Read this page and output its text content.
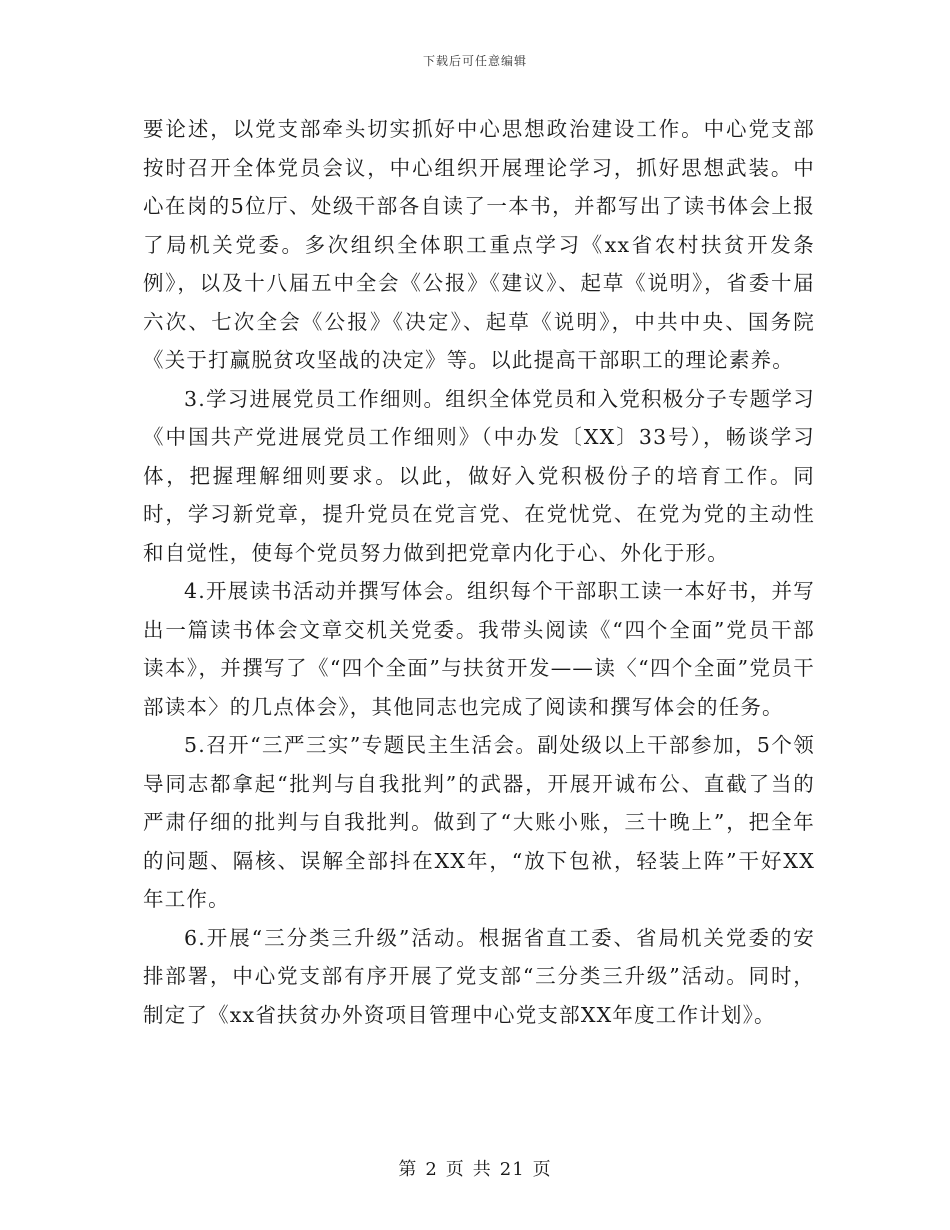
下载后可任意编辑

要论述，以党支部牵头切实抓好中心思想政治建设工作。中心党支部按时召开全体党员会议，中心组织开展理论学习，抓好思想武装。中心在岗的5位厅、处级干部各自读了一本书，并都写出了读书体会上报了局机关党委。多次组织全体职工重点学习《xx省农村扶贫开发条例》，以及十八届五中全会《公报》《建议》、起草《说明》，省委十届六次、七次全会《公报》《决定》、起草《说明》，中共中央、国务院《关于打赢脱贫攻坚战的决定》等。以此提高干部职工的理论素养。

3.学习进展党员工作细则。组织全体党员和入党积极分子专题学习《中国共产党进展党员工作细则》（中办发〔XX〕33号），畅谈学习体，把握理解细则要求。以此，做好入党积极份子的培育工作。同时，学习新党章，提升党员在党言党、在党忧党、在党为党的主动性和自觉性，使每个党员努力做到把党章内化于心、外化于形。

4.开展读书活动并撰写体会。组织每个干部职工读一本好书，并写出一篇读书体会文章交机关党委。我带头阅读《“四个全面”党员干部读本》，并撰写了《“四个全面”与扶贫开发——读〈“四个全面”党员干部读本〉的几点体会》，其他同志也完成了阅读和撰写体会的任务。

5.召开“三严三实”专题民主生活会。副处级以上干部参加，5个领导同志都拿起“批判与自我批判”的武器，开展开诚布公、直截了当的严肃仔细的批判与自我批判。做到了“大账小账，三十晚上”，把全年的问题、隔核、误解全部抖在XX年，“放下包袱，轻装上阵”干好XX年工作。

6.开展“三分类三升级”活动。根据省直工委、省局机关党委的安排部署，中心党支部有序开展了党支部“三分类三升级”活动。同时，制定了《xx省扶贫办外资项目管理中心党支部XX年度工作计划》。

第 2 页 共 21 页
